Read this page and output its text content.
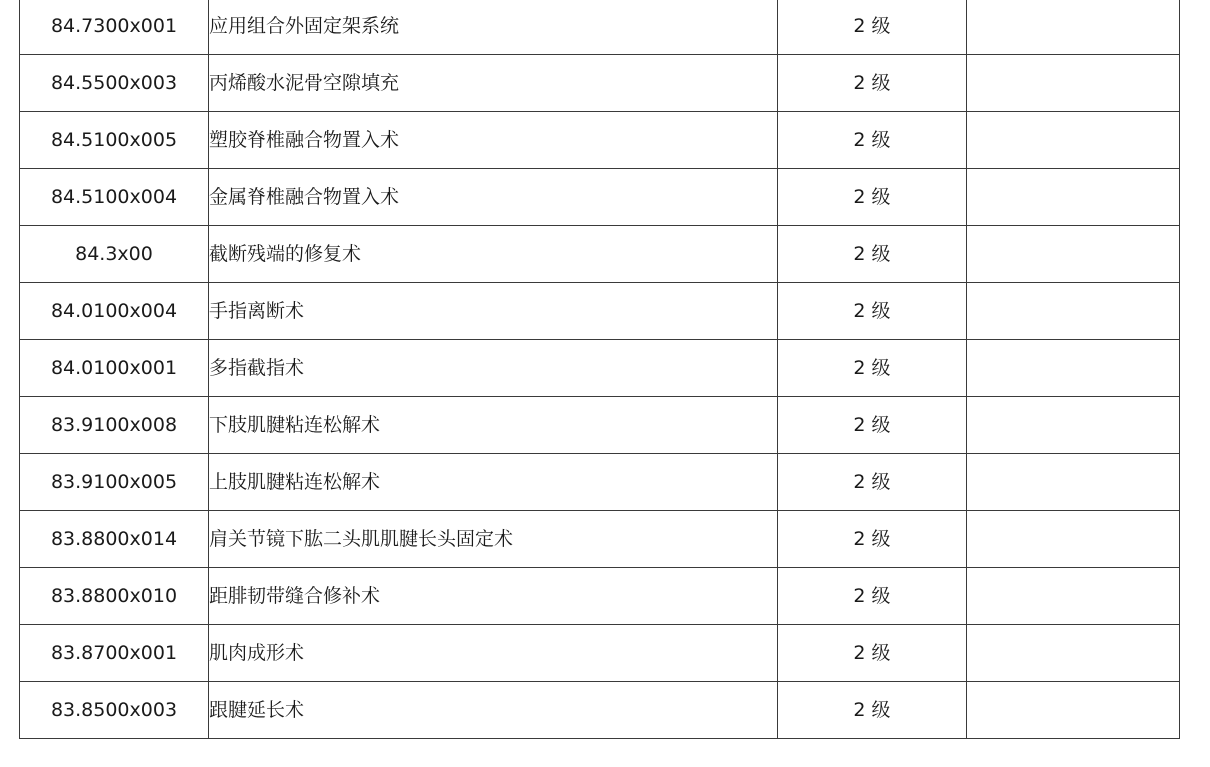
84.7300x001	应用组合外固定架系统	2 级	
84.5500x003	丙烯酸水泥骨空隙填充	2 级	
84.5100x005	塑胶脊椎融合物置入术	2 级	
84.5100x004	金属脊椎融合物置入术	2 级	
84.3x00	截断残端的修复术	2 级	
84.0100x004	手指离断术	2 级	
84.0100x001	多指截指术	2 级	
83.9100x008	下肢肌腱粘连松解术	2 级	
83.9100x005	上肢肌腱粘连松解术	2 级	
83.8800x014	肩关节镜下肱二头肌肌腱长头固定术	2 级	
83.8800x010	距腓韧带缝合修补术	2 级	
83.8700x001	肌肉成形术	2 级	
83.8500x003	跟腱延长术	2 级	
